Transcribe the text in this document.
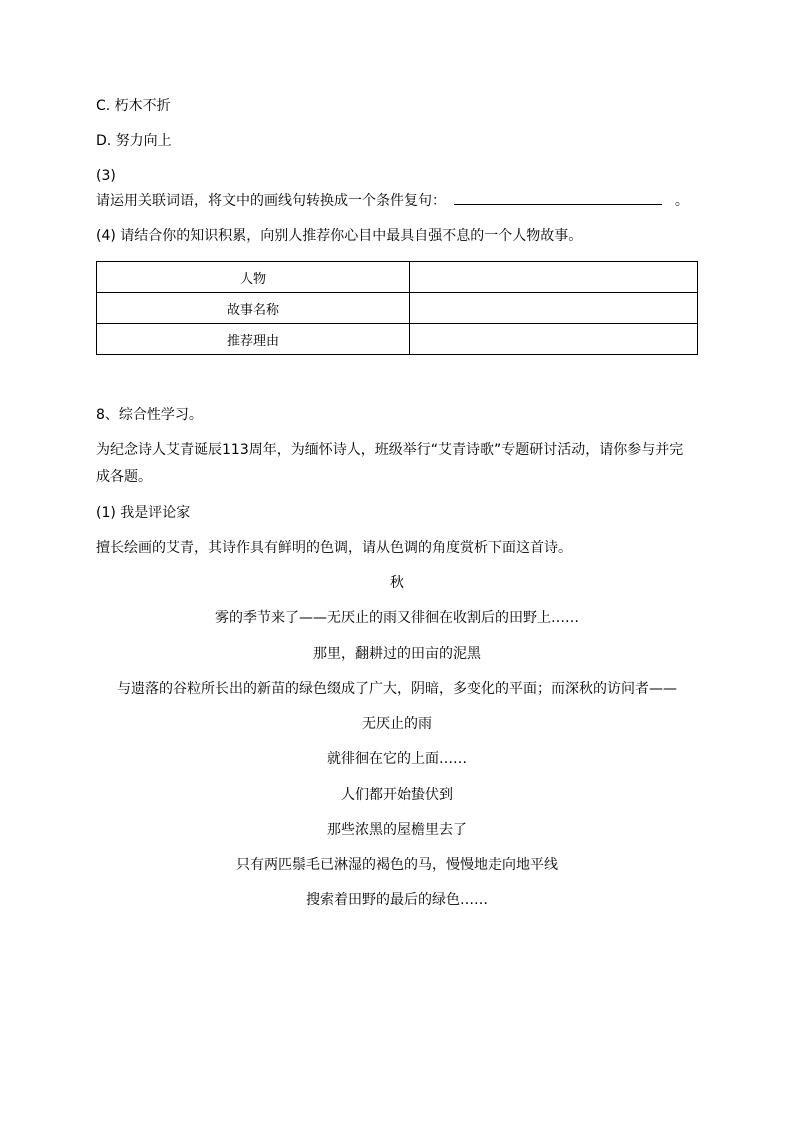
C. 朽木不折
D. 努力向上
(3)
请运用关联词语，将文中的画线句转换成一个条件复句：	。
(4) 请结合你的知识积累，向别人推荐你心目中最具自强不息的一个人物故事。
人物	
故事名称	
推荐理由	
8、综合性学习。
为纪念诗人艾青诞辰113周年，为缅怀诗人，班级举行“艾青诗歌”专题研讨活动，请你参与并完
成各题。
(1) 我是评论家
擅长绘画的艾青，其诗作具有鲜明的色调，请从色调的角度赏析下面这首诗。
秋
雾的季节来了——无厌止的雨又徘徊在收割后的田野上……
那里，翻耕过的田亩的泥黑
与遗落的谷粒所长出的新苗的绿色缀成了广大，阴暗，多变化的平面；而深秋的访问者——
无厌止的雨
就徘徊在它的上面……
人们都开始蛰伏到
那些浓黑的屋檐里去了
只有两匹鬃毛已淋湿的褐色的马，慢慢地走向地平线
搜索着田野的最后的绿色……
